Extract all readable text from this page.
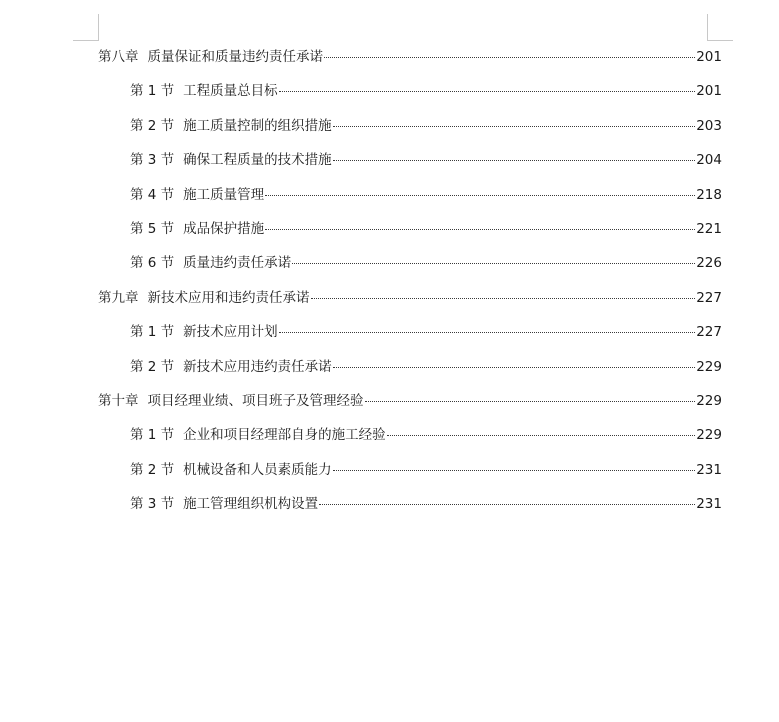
第八章 质量保证和质量违约责任承诺	201
第 1 节 工程质量总目标	201
第 2 节 施工质量控制的组织措施	203
第 3 节 确保工程质量的技术措施	204
第 4 节 施工质量管理	218
第 5 节 成品保护措施	221
第 6 节 质量违约责任承诺	226
第九章 新技术应用和违约责任承诺	227
第 1 节 新技术应用计划	227
第 2 节 新技术应用违约责任承诺	229
第十章 项目经理业绩、项目班子及管理经验	229
第 1 节 企业和项目经理部自身的施工经验	229
第 2 节 机械设备和人员素质能力	231
第 3 节 施工管理组织机构设置	231
